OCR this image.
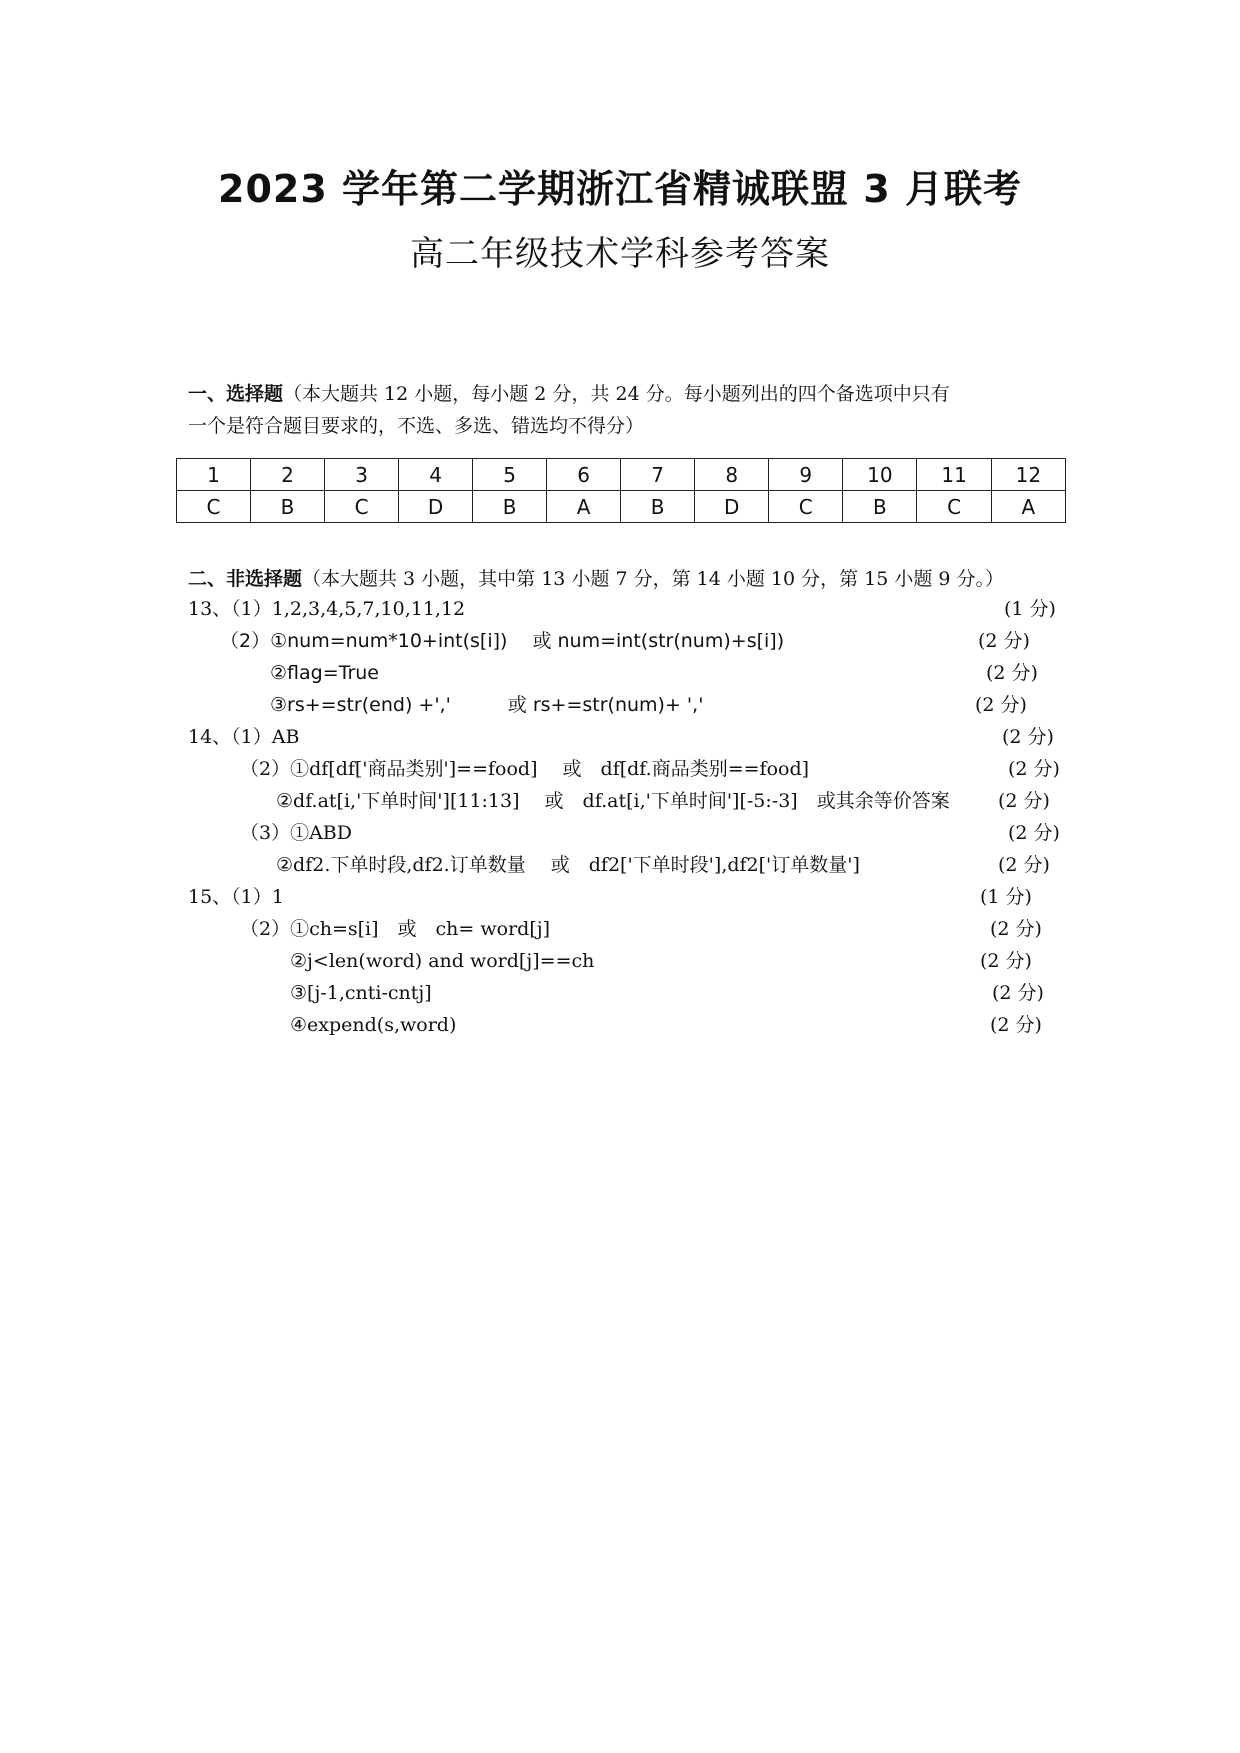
2023 学年第二学期浙江省精诚联盟 3 月联考
高二年级技术学科参考答案
一、选择题（本大题共 12 小题，每小题 2 分，共 24 分。每小题列出的四个备选项中只有
一个是符合题目要求的，不选、多选、错选均不得分）
1	2	3	4	5	6	7	8	9	10	11	12
C	B	C	D	B	A	B	D	C	B	C	A
二、非选择题（本大题共 3 小题，其中第 13 小题 7 分，第 14 小题 10 分，第 15 小题 9 分。）
13、（1）1,2,3,4,5,7,10,11,12	(1 分)
（2）①num=num*10+int(s[i])　 或 num=int(str(num)+s[i])	(2 分)
②flag=True	(2 分)
③rs+=str(end) +','　　　或 rs+=str(num)+ ','	(2 分)
14、（1）AB	(2 分)
（2）①df[df['商品类别']==food]　 或　df[df.商品类别==food]	(2 分)
②df.at[i,'下单时间'][11:13]　 或　df.at[i,'下单时间'][-5:-3]　或其余等价答案	(2 分)
（3）①ABD	(2 分)
②df2.下单时段,df2.订单数量　 或　df2['下单时段'],df2['订单数量']	(2 分)
15、（1）1	(1 分)
（2）①ch=s[i]　或　ch= word[j]	(2 分)
②j<len(word) and word[j]==ch	(2 分)
③[j-1,cnti-cntj]	(2 分)
④expend(s,word)	(2 分)
